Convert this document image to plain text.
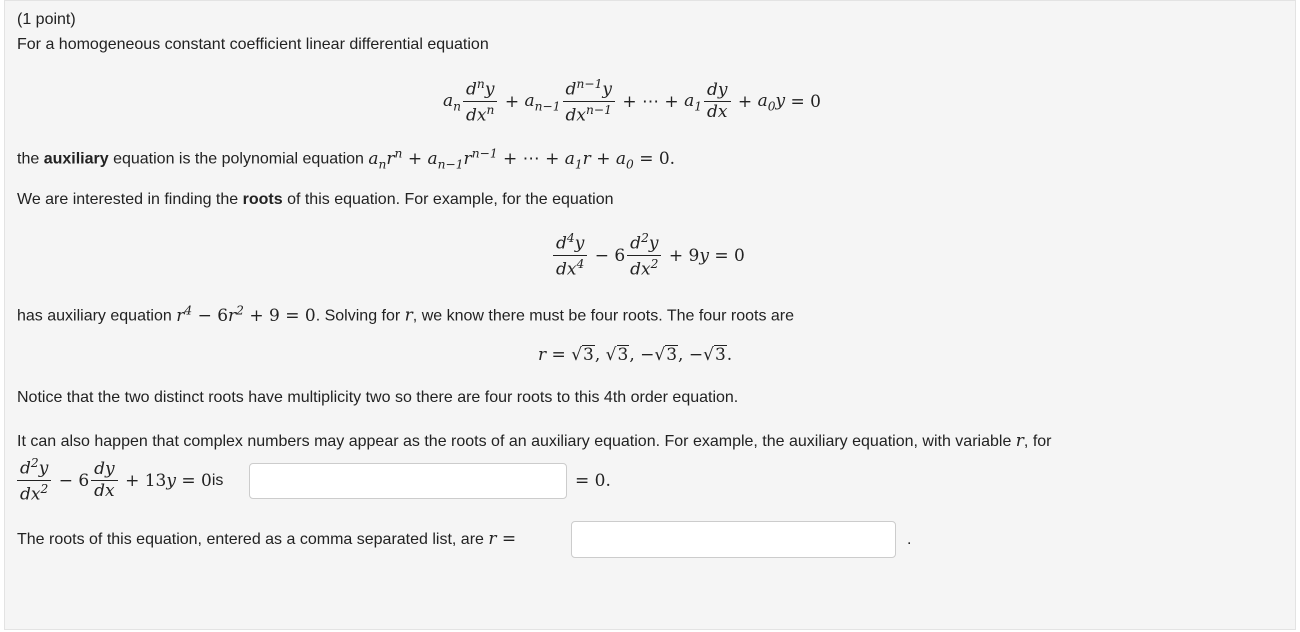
(1 point)
For a homogeneous constant coefficient linear differential equation
$a_n \frac{d^ny}{dx^n} + a_{n-1} \frac{d^{n-1}y}{dx^{n-1}}$ + ⋯ + $a_1 \frac{dy}{dx} + a_0y = 0$
the auxiliary equation is the polynomial equation $a_nr^n + a_{n-1}r^{n-1}$ + ⋯ + $a_1r + a_0 = 0$.
We are interested in finding the roots of this equation. For example, for the equation
$\frac{d^4y}{dx^4} - 6 \frac{d^2y}{dx^2} + 9$ y = 0
has auxiliary equation $r^4 - 6r^2 + 9 = 0$. Solving for r, we know there must be four roots. The four roots are
r = √3, √3, −√3, −√3.
Notice that the two distinct roots have multiplicity two so there are four roots to this 4th order equation.
It can also happen that complex numbers may appear as the roots of an auxiliary equation. For example, the auxiliary equation, with variable r, for
$\frac{d^2y}{dx^2} - 6 \frac{dy}{dx} + 13$ y = 0 is	= 0.
The roots of this equation, entered as a comma separated list, are r =	.
